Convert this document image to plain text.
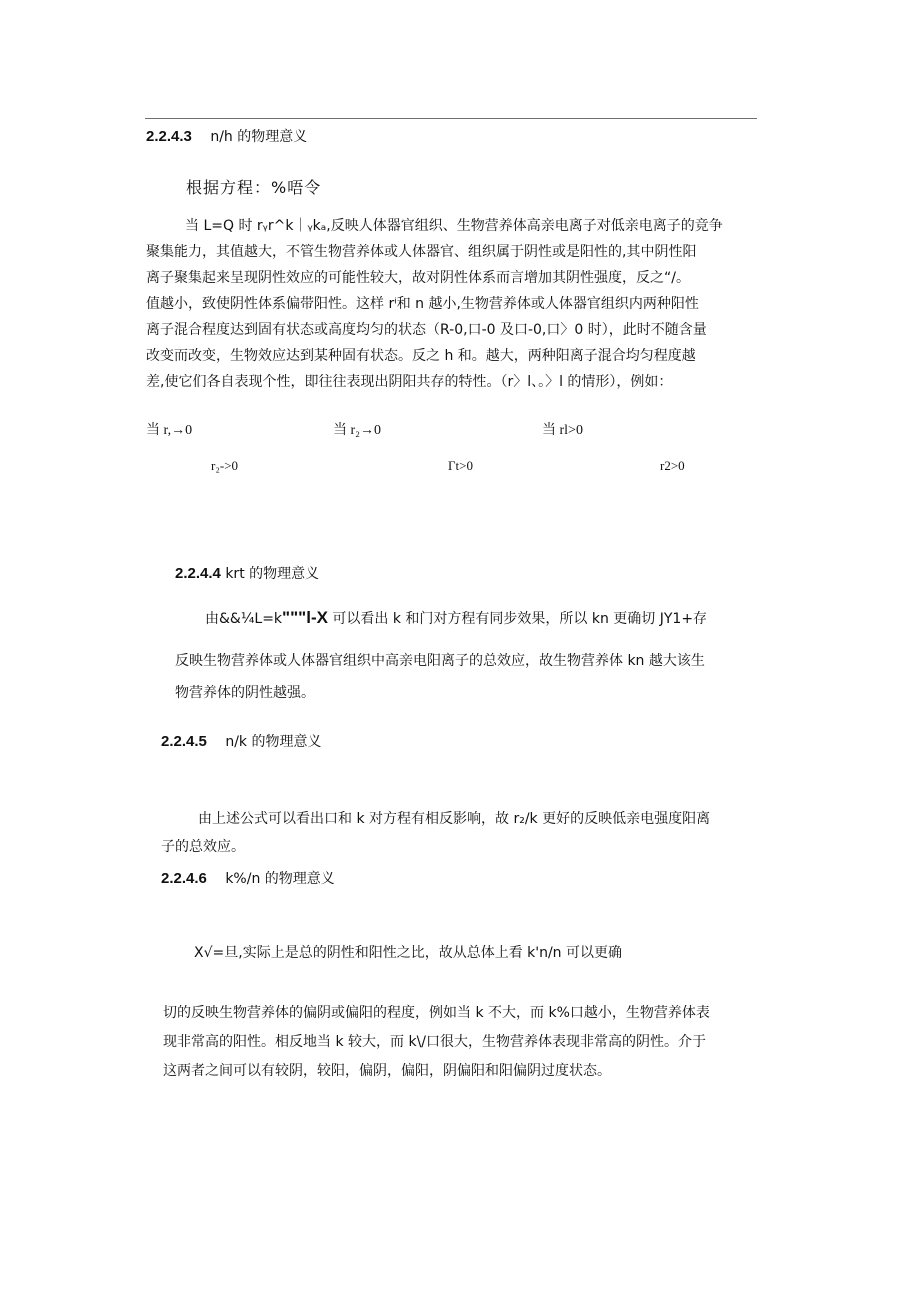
2.2.4.3 n/h 的物理意义
根据方程：%唔令
当 L=Q 时 rᵧr^k｜ᵧkₐ,反映人体器官组织、生物营养体高亲电离子对低亲电离子的竞争
聚集能力，其值越大，不管生物营养体或人体器官、组织属于阴性或是阳性的,其中阴性阳
离子聚集起来呈现阴性效应的可能性较大，故对阴性体系而言增加其阴性强度，反之“/。
值越小，致使阴性体系偏带阳性。这样 rⁱ和 n 越小,生物营养体或人体器官组织内两种阳性
离子混合程度达到固有状态或高度均匀的状态（R-0,口-0 及口-0,口〉0 时），此时不随含量
改变而改变，生物效应达到某种固有状态。反之 h 和。越大，两种阳离子混合均匀程度越
差,使它们各自表现个性，即往往表现出阴阳共存的特性。（r〉l、。〉l 的情形），例如：
当 r,→0	当 r₂→0	当 rl>0
r₂->0	Γt>0	r2>0
2.2.4.4 krt 的物理意义
由&&¼L=k"""l-X 可以看出 k 和门对方程有同步效果，所以 kn 更确切 JY1+存
反映生物营养体或人体器官组织中高亲电阳离子的总效应，故生物营养体 kn 越大该生
物营养体的阴性越强。
2.2.4.5 n/k 的物理意义
由上述公式可以看出口和 k 对方程有相反影响，故 r₂/k 更好的反映低亲电强度阳离
子的总效应。
2.2.4.6 k%/n 的物理意义
X√=旦,实际上是总的阴性和阳性之比，故从总体上看 k'n/n 可以更确
切的反映生物营养体的偏阴或偏阳的程度，例如当 k 不大，而 k%口越小，生物营养体表
现非常高的阳性。相反地当 k 较大，而 k\/口很大，生物营养体表现非常高的阴性。介于
这两者之间可以有较阴，较阳，偏阴，偏阳，阴偏阳和阳偏阴过度状态。
